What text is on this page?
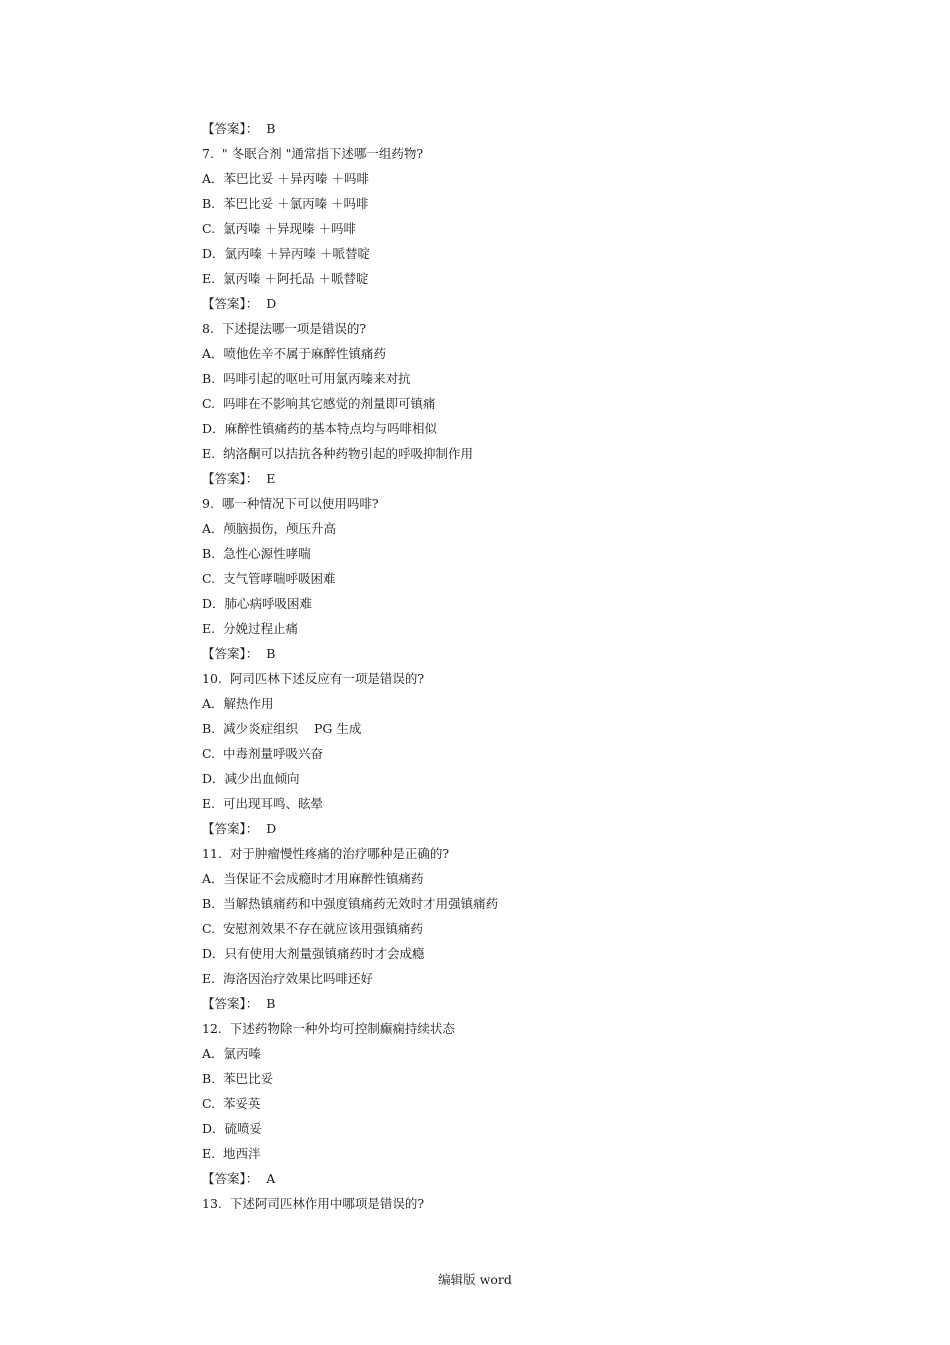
【答案】：  B
7.  " 冬眠合剂 "通常指下述哪一组药物?
A．苯巴比妥 ＋异丙嗪 ＋吗啡
B.  苯巴比妥 ＋氯丙嗪 ＋吗啡
C.  氯丙嗪 ＋异现嗪 ＋吗啡
D．氯丙嗪 ＋异丙嗪 ＋哌替啶
E.  氯丙嗪 ＋阿托品 ＋哌替啶
【答案】：  D
8.  下述提法哪一项是错误的?
A．喷他佐辛不属于麻醉性镇痛药
B.  吗啡引起的呕吐可用氯丙嗪来对抗
C.  吗啡在不影响其它感觉的剂量即可镇痛
D．麻醉性镇痛药的基本特点均与吗啡相似
E.  纳洛酮可以拮抗各种药物引起的呼吸抑制作用
【答案】：  E
9.  哪一种情况下可以使用吗啡?
A．颅脑损伤，颅压升高
B.  急性心源性哮喘
C.  支气管哮喘呼吸困难
D．肺心病呼吸困难
E.  分娩过程止痛
【答案】：  B
10.  阿司匹林下述反应有一项是错误的?
A．解热作用
B.  减少炎症组织    PG 生成
C.  中毒剂量呼吸兴奋
D．减少出血倾向
E.  可出现耳鸣、眩晕
【答案】：  D
11.  对于肿瘤慢性疼痛的治疗哪种是正确的?
A．当保证不会成瘾时才用麻醉性镇痛药
B.  当解热镇痛药和中强度镇痛药无效时才用强镇痛药
C.  安慰剂效果不存在就应该用强镇痛药
D．只有使用大剂量强镇痛药时才会成瘾
E.  海洛因治疗效果比吗啡还好
【答案】：  B
12.  下述药物除一种外均可控制癫痫持续状态
A．氯丙嗪
B.  苯巴比妥
C.  苯妥英
D．硫喷妥
E.  地西泮
【答案】：  A
13.  下述阿司匹林作用中哪项是错误的?
编辑版 word
